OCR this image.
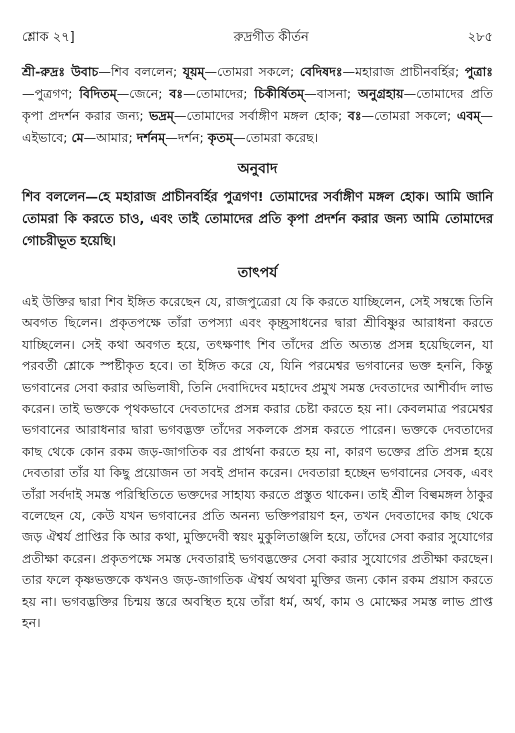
শ্লোক ২৭]	রুদ্রগীত কীর্তন	২৮৫

শ্রী-রুদ্রঃ উবাচ—শিব বললেন; যূয়ম্—তোমরা সকলে; বেদিষদঃ—মহারাজ প্রাচীনবর্হির; পুত্রাঃ—পুত্রগণ; বিদিতম্—জেনে; বঃ—তোমাদের; চিকীর্ষিতম্—বাসনা; অনুগ্রহায়—তোমাদের প্রতি কৃপা প্রদর্শন করার জন্য; ভদ্রম্—তোমাদের সর্বাঙ্গীণ মঙ্গল হোক; বঃ—তোমরা সকলে; এবম্—এইভাবে; মে—আমার; দর্শনম্—দর্শন; কৃতম্—তোমরা করেছ।

অনুবাদ

শিব বললেন—হে মহারাজ প্রাচীনবর্হির পুত্রগণ! তোমাদের সর্বাঙ্গীণ মঙ্গল হোক। আমি জানি তোমরা কি করতে চাও, এবং তাই তোমাদের প্রতি কৃপা প্রদর্শন করার জন্য আমি তোমাদের গোচরীভূত হয়েছি।

তাৎপর্য

এই উক্তির দ্বারা শিব ইঙ্গিত করেছেন যে, রাজপুত্রেরা যে কি করতে যাচ্ছিলেন, সেই সম্বন্ধে তিনি অবগত ছিলেন। প্রকৃতপক্ষে তাঁরা তপস্যা এবং কৃচ্ছ্রসাধনের দ্বারা শ্রীবিষ্ণুর আরাধনা করতে যাচ্ছিলেন। সেই কথা অবগত হয়ে, তৎক্ষণাৎ শিব তাঁদের প্রতি অত্যন্ত প্রসন্ন হয়েছিলেন, যা পরবর্তী শ্লোকে স্পষ্টীকৃত হবে। তা ইঙ্গিত করে যে, যিনি পরমেশ্বর ভগবানের ভক্ত হননি, কিন্তু ভগবানের সেবা করার অভিলাষী, তিনি দেবাদিদেব মহাদেব প্রমুখ সমস্ত দেবতাদের আশীর্বাদ লাভ করেন। তাই ভক্তকে পৃথকভাবে দেবতাদের প্রসন্ন করার চেষ্টা করতে হয় না। কেবলমাত্র পরমেশ্বর ভগবানের আরাধনার দ্বারা ভগবদ্ভক্ত তাঁদের সকলকে প্রসন্ন করতে পারেন। ভক্তকে দেবতাদের কাছ থেকে কোন রকম জড়-জাগতিক বর প্রার্থনা করতে হয় না, কারণ ভক্তের প্রতি প্রসন্ন হয়ে দেবতারা তাঁর যা কিছু প্রয়োজন তা সবই প্রদান করেন। দেবতারা হচ্ছেন ভগবানের সেবক, এবং তাঁরা সর্বদাই সমস্ত পরিস্থিতিতে ভক্তদের সাহায্য করতে প্রস্তুত থাকেন। তাই শ্রীল বিল্বমঙ্গল ঠাকুর বলেছেন যে, কেউ যখন ভগবানের প্রতি অনন্য ভক্তিপরায়ণ হন, তখন দেবতাদের কাছ থেকে জড় ঐশ্বর্য প্রাপ্তির কি আর কথা, মুক্তিদেবী স্বয়ং মুকুলিতাঞ্জলি হয়ে, তাঁদের সেবা করার সুযোগের প্রতীক্ষা করেন। প্রকৃতপক্ষে সমস্ত দেবতারাই ভগবদ্ভক্তের সেবা করার সুযোগের প্রতীক্ষা করছেন। তার ফলে কৃষ্ণভক্তকে কখনও জড়-জাগতিক ঐশ্বর্য অথবা মুক্তির জন্য কোন রকম প্রয়াস করতে হয় না। ভগবদ্ভক্তির চিন্ময় স্তরে অবস্থিত হয়ে তাঁরা ধর্ম, অর্থ, কাম ও মোক্ষের সমস্ত লাভ প্রাপ্ত হন।
